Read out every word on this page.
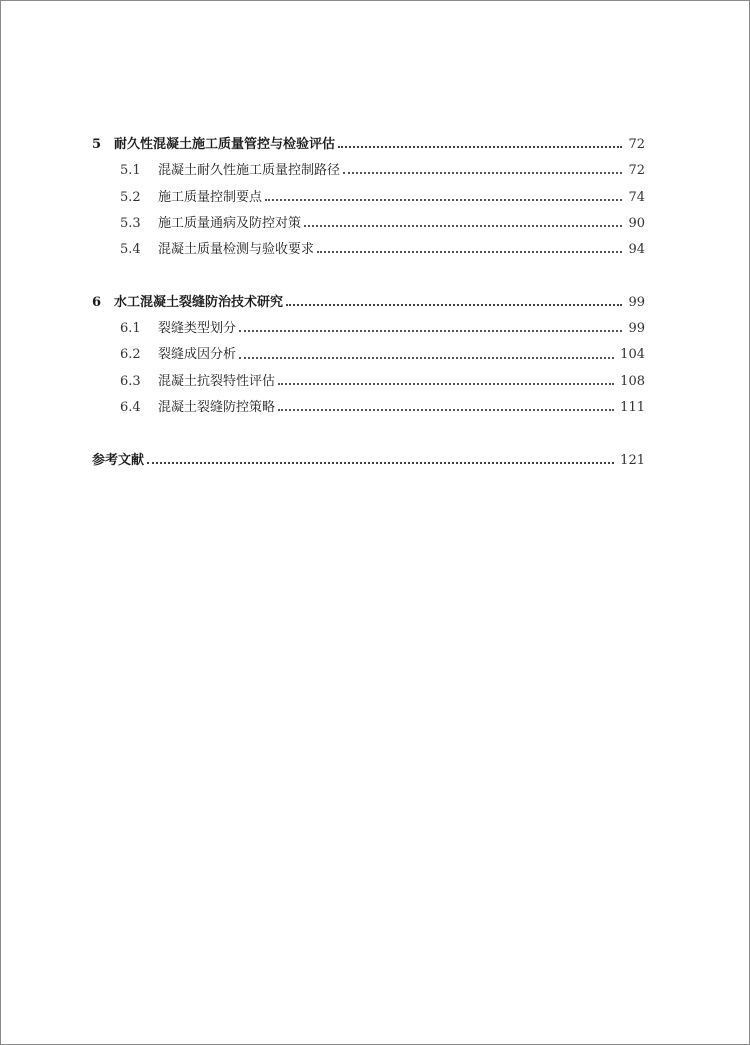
5 耐久性混凝土施工质量管控与检验评估	72
5.1	混凝土耐久性施工质量控制路径	72
5.2	施工质量控制要点	74
5.3	施工质量通病及防控对策	90
5.4	混凝土质量检测与验收要求	94
6 水工混凝土裂缝防治技术研究	99
6.1	裂缝类型划分	99
6.2	裂缝成因分析	104
6.3	混凝土抗裂特性评估	108
6.4	混凝土裂缝防控策略	111
参考文献	121
